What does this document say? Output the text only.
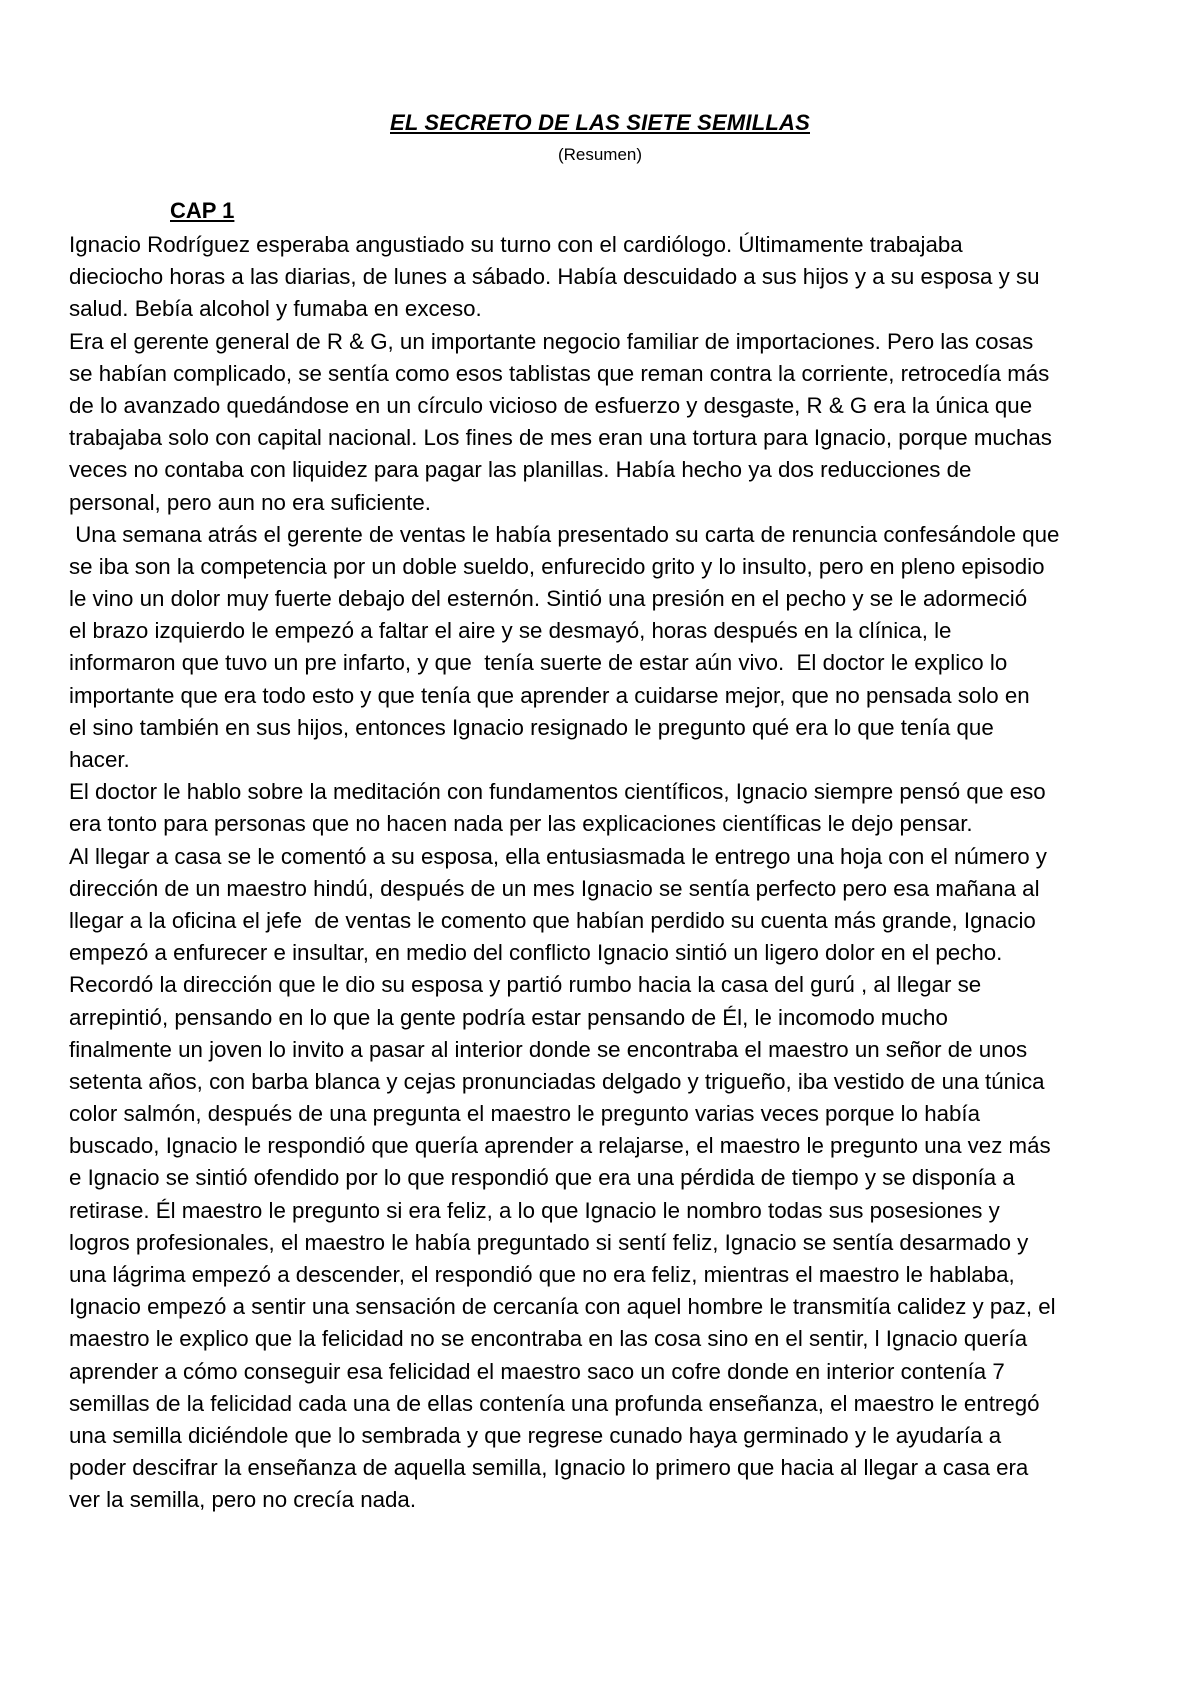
EL SECRETO DE LAS SIETE SEMILLAS
(Resumen)
CAP 1
Ignacio Rodríguez esperaba angustiado su turno con el cardiólogo. Últimamente trabajaba
dieciocho horas a las diarias, de lunes a sábado. Había descuidado a sus hijos y a su esposa y su
salud. Bebía alcohol y fumaba en exceso.
Era el gerente general de R & G, un importante negocio familiar de importaciones. Pero las cosas
se habían complicado, se sentía como esos tablistas que reman contra la corriente, retrocedía más
de lo avanzado quedándose en un círculo vicioso de esfuerzo y desgaste, R & G era la única que
trabajaba solo con capital nacional. Los fines de mes eran una tortura para Ignacio, porque muchas
veces no contaba con liquidez para pagar las planillas. Había hecho ya dos reducciones de
personal, pero aun no era suficiente.
Una semana atrás el gerente de ventas le había presentado su carta de renuncia confesándole que
se iba son la competencia por un doble sueldo, enfurecido grito y lo insulto, pero en pleno episodio
le vino un dolor muy fuerte debajo del esternón. Sintió una presión en el pecho y se le adormeció
el brazo izquierdo le empezó a faltar el aire y se desmayó, horas después en la clínica, le
informaron que tuvo un pre infarto, y que  tenía suerte de estar aún vivo.  El doctor le explico lo
importante que era todo esto y que tenía que aprender a cuidarse mejor, que no pensada solo en
el sino también en sus hijos, entonces Ignacio resignado le pregunto qué era lo que tenía que
hacer.
El doctor le hablo sobre la meditación con fundamentos científicos, Ignacio siempre pensó que eso
era tonto para personas que no hacen nada per las explicaciones científicas le dejo pensar.
Al llegar a casa se le comentó a su esposa, ella entusiasmada le entrego una hoja con el número y
dirección de un maestro hindú, después de un mes Ignacio se sentía perfecto pero esa mañana al
llegar a la oficina el jefe  de ventas le comento que habían perdido su cuenta más grande, Ignacio
empezó a enfurecer e insultar, en medio del conflicto Ignacio sintió un ligero dolor en el pecho.
Recordó la dirección que le dio su esposa y partió rumbo hacia la casa del gurú , al llegar se
arrepintió, pensando en lo que la gente podría estar pensando de Él, le incomodo mucho
finalmente un joven lo invito a pasar al interior donde se encontraba el maestro un señor de unos
setenta años, con barba blanca y cejas pronunciadas delgado y trigueño, iba vestido de una túnica
color salmón, después de una pregunta el maestro le pregunto varias veces porque lo había
buscado, Ignacio le respondió que quería aprender a relajarse, el maestro le pregunto una vez más
e Ignacio se sintió ofendido por lo que respondió que era una pérdida de tiempo y se disponía a
retirase. Él maestro le pregunto si era feliz, a lo que Ignacio le nombro todas sus posesiones y
logros profesionales, el maestro le había preguntado si sentí feliz, Ignacio se sentía desarmado y
una lágrima empezó a descender, el respondió que no era feliz, mientras el maestro le hablaba,
Ignacio empezó a sentir una sensación de cercanía con aquel hombre le transmitía calidez y paz, el
maestro le explico que la felicidad no se encontraba en las cosa sino en el sentir, l Ignacio quería
aprender a cómo conseguir esa felicidad el maestro saco un cofre donde en interior contenía 7
semillas de la felicidad cada una de ellas contenía una profunda enseñanza, el maestro le entregó
una semilla diciéndole que lo sembrada y que regrese cunado haya germinado y le ayudaría a
poder descifrar la enseñanza de aquella semilla, Ignacio lo primero que hacia al llegar a casa era
ver la semilla, pero no crecía nada.
